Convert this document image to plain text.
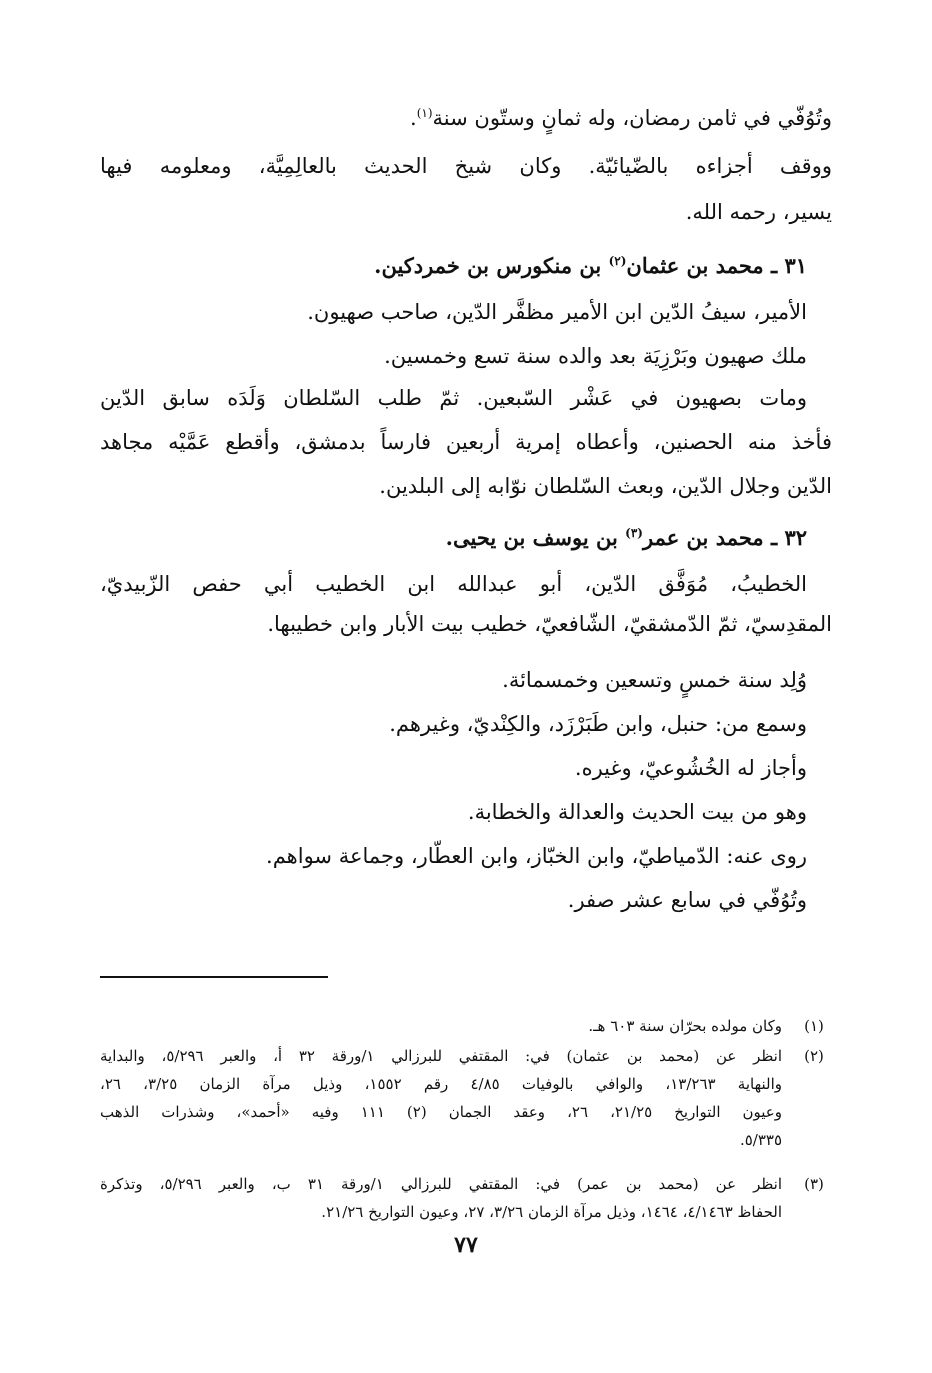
وتُوُفّي في ثامن رمضان، وله ثمانٍ وستّون سنة$^{(١)}$.
ووقف أجزاءه بالضّيائيّة. وكان شيخ الحديث بالعالِمِيَّة، ومعلومه فيها
يسير، رحمه الله.
٣١ ـ محمد بن عثمان$^{(٢)}$ بن منكورس بن خمردكين.
الأمير، سيفُ الدّين ابن الأمير مظفَّر الدّين، صاحب صهيون.
ملك صهيون وبَرْزِيَة بعد والده سنة تسع وخمسين.
ومات بصهيون في عَشْر السّبعين. ثمّ طلب السّلطان وَلَدَه سابق الدّين
فأخذ منه الحصنين، وأعطاه إمرية أربعين فارساً بدمشق، وأقطع عَمَّيْه مجاهد
الدّين وجلال الدّين، وبعث السّلطان نوّابه إلى البلدين.
٣٢ ـ محمد بن عمر$^{(٣)}$ بن يوسف بن يحيى.
الخطيبُ، مُوَفَّق الدّين، أبو عبدالله ابن الخطيب أبي حفص الزّبيديّ،
المقدِسيّ، ثمّ الدّمشقيّ، الشّافعيّ، خطيب بيت الأبار وابن خطيبها.
وُلِد سنة خمسٍ وتسعين وخمسمائة.
وسمع من: حنبل، وابن طَبَرْزَد، والكِنْديّ، وغيرهم.
وأجاز له الخُشُوعيّ، وغيره.
وهو من بيت الحديث والعدالة والخطابة.
روى عنه: الدّمياطيّ، وابن الخبّاز، وابن العطّار، وجماعة سواهم.
وتُوُفّي في سابع عشر صفر.
(١)
وكان مولده بحرّان سنة ٦٠٣ هـ.
(٢)
انظر عن (محمد بن عثمان) في: المقتفي للبرزالي ١/ورقة ٣٢ أ، والعبر ٥/٢٩٦، والبداية
والنهاية ١٣/٢٦٣، والوافي بالوفيات ٤/٨٥ رقم ١٥٥٢، وذيل مرآة الزمان ٣/٢٥، ٢٦،
وعيون التواريخ ٢١/٢٥، ٢٦، وعقد الجمان (٢) ١١١ وفيه «أحمد»، وشذرات الذهب
٥/٣٣٥.
(٣)
انظر عن (محمد بن عمر) في: المقتفي للبرزالي ١/ورقة ٣١ ب، والعبر ٥/٢٩٦، وتذكرة
الحفاظ ٤/١٤٦٣، ١٤٦٤، وذيل مرآة الزمان ٣/٢٦، ٢٧، وعيون التواريخ ٢١/٢٦.
٧٧
